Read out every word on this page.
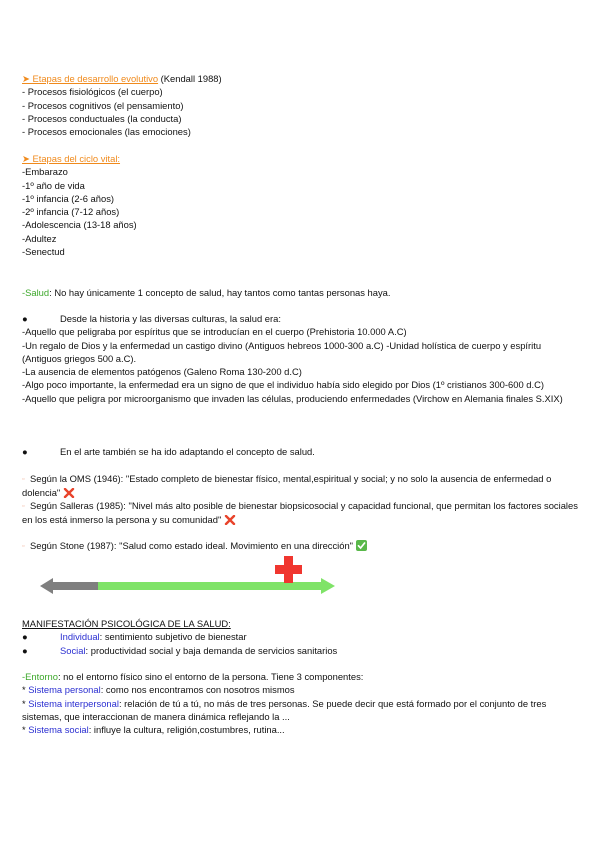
➤ Etapas de desarrollo evolutivo (Kendall 1988)
- Procesos fisiológicos (el cuerpo)
- Procesos cognitivos (el pensamiento)
- Procesos conductuales (la conducta)
- Procesos emocionales (las emociones)
➤ Etapas del ciclo vital:
-Embarazo
-1º año de vida
-1º infancia (2-6 años)
-2º infancia (7-12 años)
-Adolescencia (13-18 años)
-Adultez
-Senectud
-Salud: No hay únicamente 1 concepto de salud, hay tantos como tantas personas haya.
●	Desde la historia y las diversas culturas, la salud era:
-Aquello que peligraba por espíritus que se introducían en el cuerpo (Prehistoria 10.000 A.C)
-Un regalo de Dios y la enfermedad un castigo divino (Antiguos hebreos 1000-300 a.C) -Unidad holística de cuerpo y espíritu (Antiguos griegos 500 a.C).
-La ausencia de elementos patógenos (Galeno Roma 130-200 d.C)
-Algo poco importante, la enfermedad era un signo de que el individuo había sido elegido por Dios (1º cristianos 300-600 d.C)
-Aquello que peligra por microorganismo que invaden las células, produciendo enfermedades (Virchow en Alemania finales S.XIX)
●	En el arte también se ha ido adaptando el concepto de salud.
▫ Según la OMS (1946): "Estado completo de bienestar físico, mental,espiritual y social; y no solo la ausencia de enfermedad o dolencia"
▫ Según Salleras (1985): "Nivel más alto posible de bienestar biopsicosocial y capacidad funcional, que permitan los factores sociales en los está inmerso la persona y su comunidad"
▫ Según Stone (1987): "Salud como estado ideal. Movimiento en una dirección"
MANIFESTACIÓN PSICOLÓGICA DE LA SALUD:
●	Individual: sentimiento subjetivo de bienestar
●	Social: productividad social y baja demanda de servicios sanitarios
-Entorno: no el entorno físico sino el entorno de la persona. Tiene 3 componentes:
* Sistema personal: como nos encontramos con nosotros mismos
* Sistema interpersonal: relación de tú a tú, no más de tres personas. Se puede decir que está formado por el conjunto de tres sistemas, que interaccionan de manera dinámica reflejando la ...
* Sistema social: influye la cultura, religión,costumbres, rutina...
